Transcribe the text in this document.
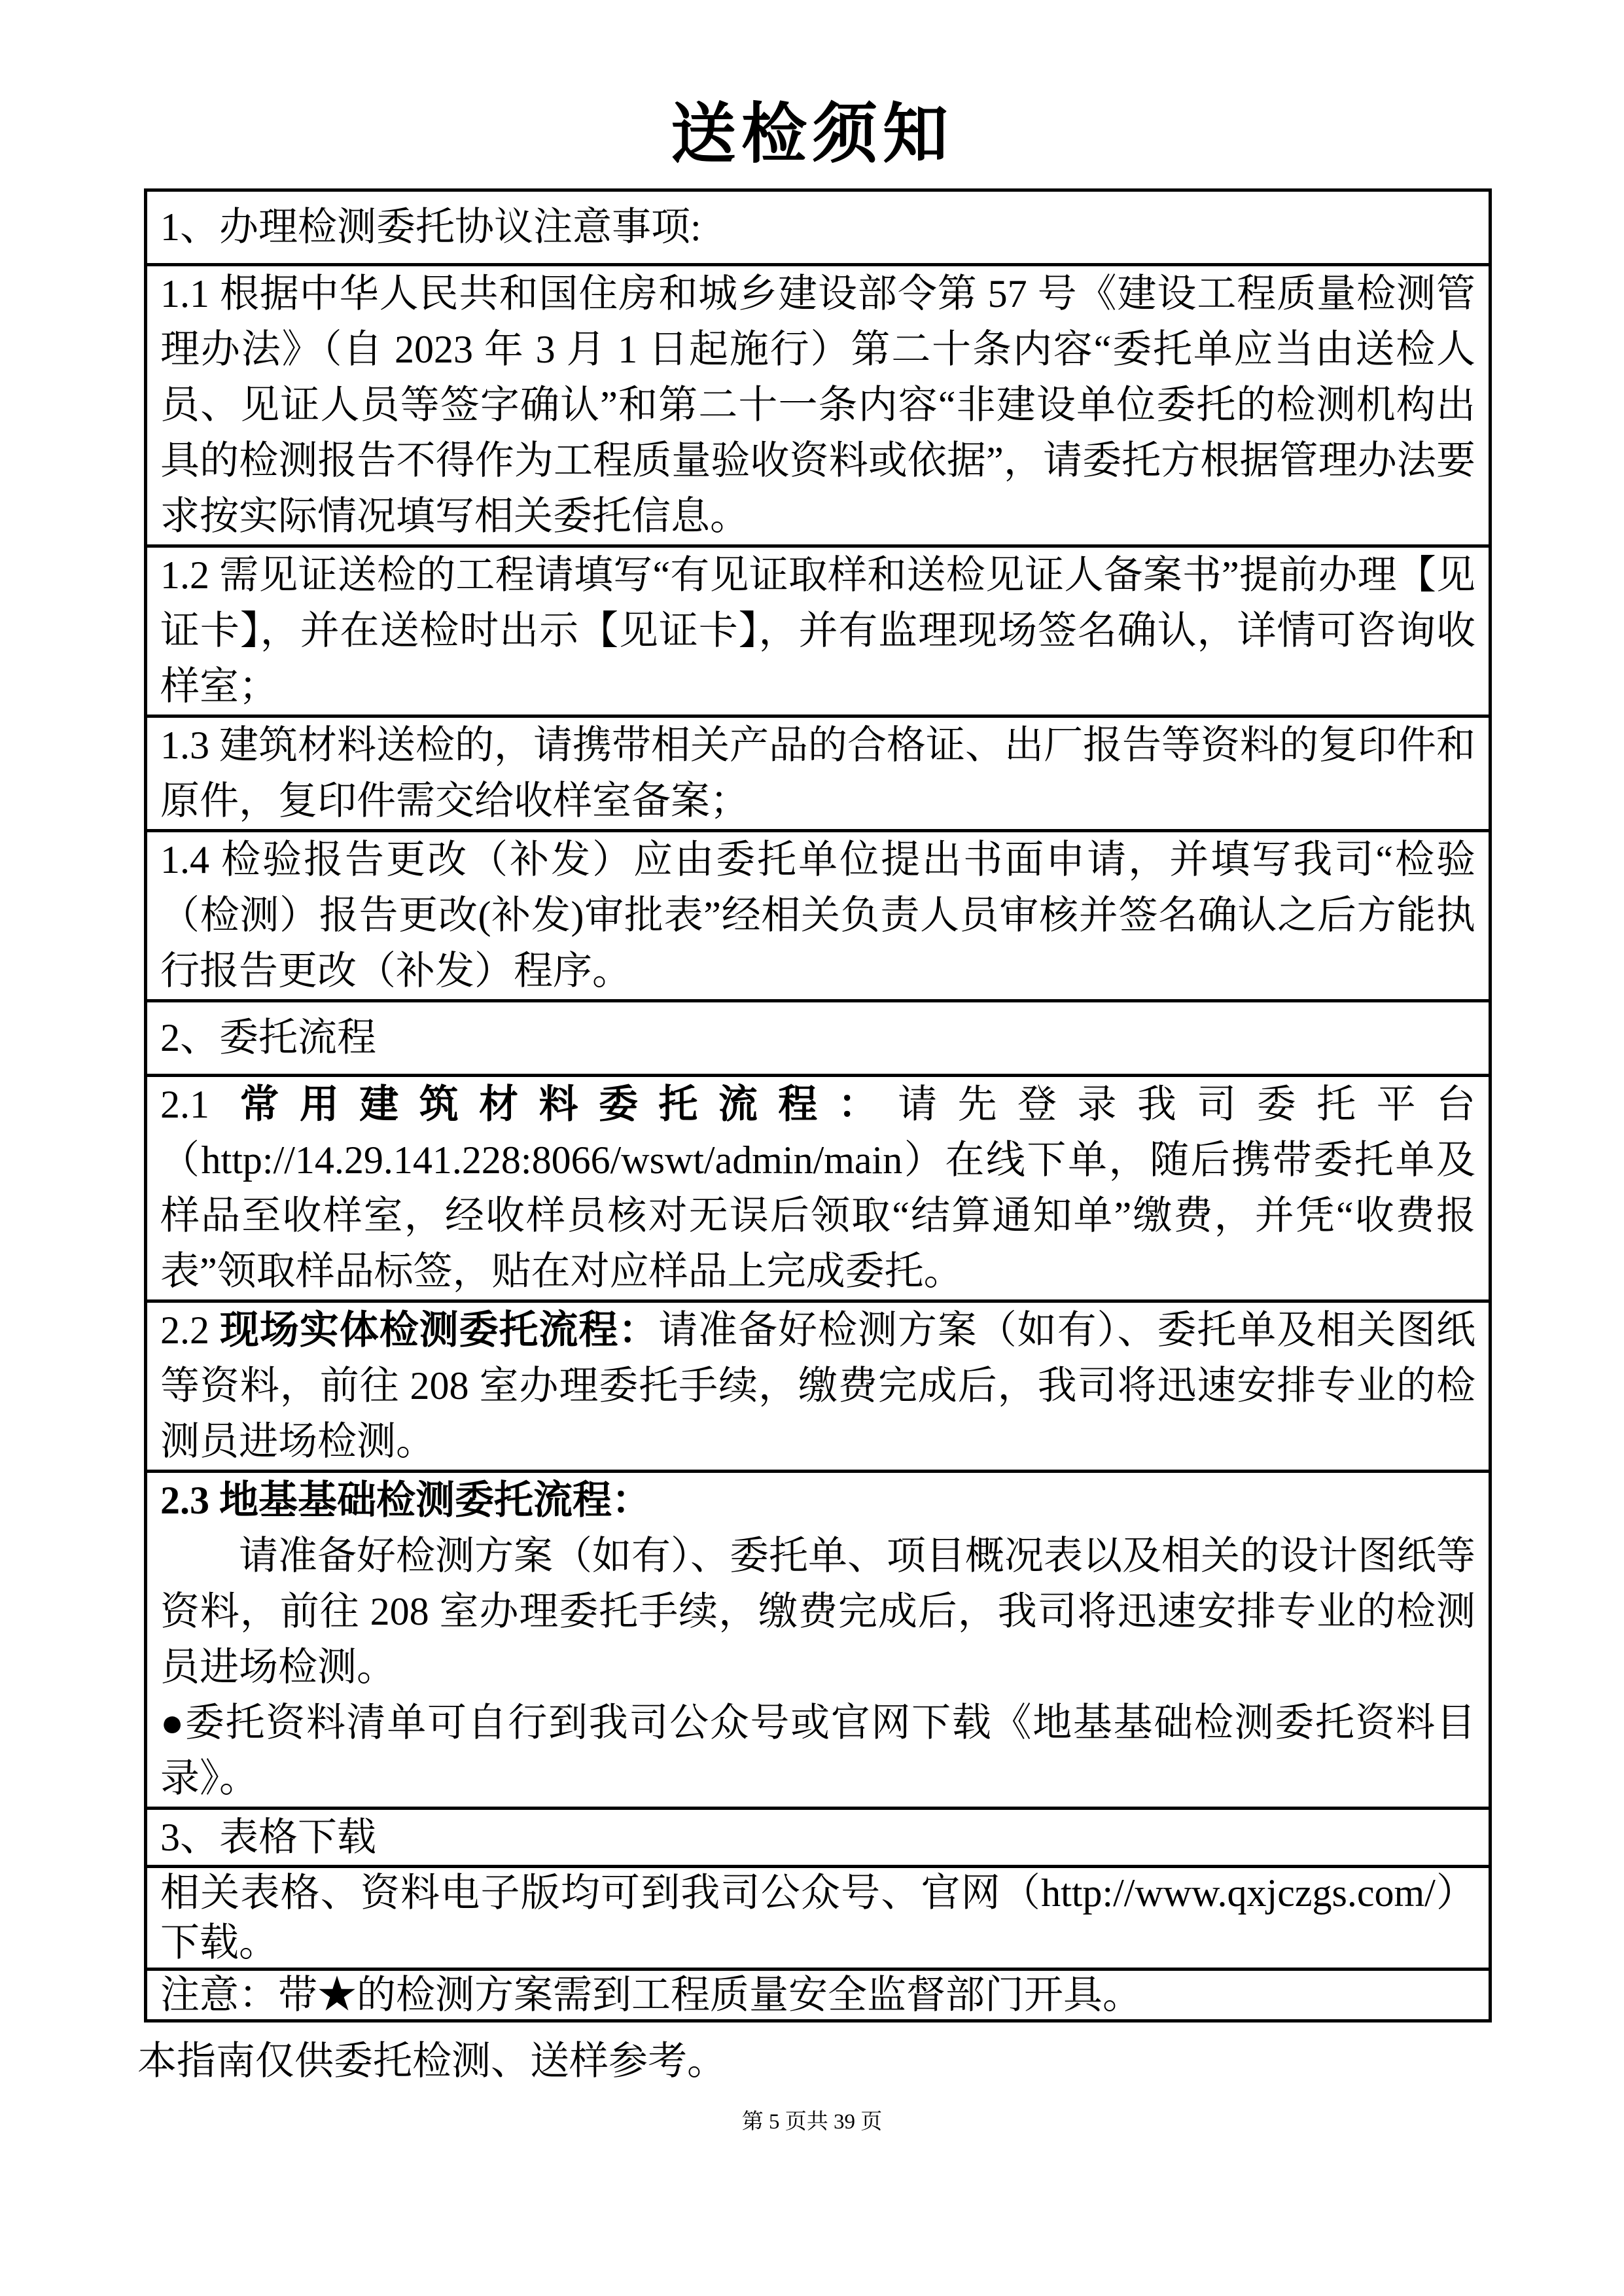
送检须知
1、办理检测委托协议注意事项:
1.1 根据中华人民共和国住房和城乡建设部令第 57 号《建设工程质量检测管理办法》（自 2023 年 3 月 1 日起施行）第二十条内容“委托单应当由送检人员、见证人员等签字确认”和第二十一条内容“非建设单位委托的检测机构出具的检测报告不得作为工程质量验收资料或依据”，请委托方根据管理办法要求按实际情况填写相关委托信息。
1.2 需见证送检的工程请填写“有见证取样和送检见证人备案书”提前办理【见证卡】，并在送检时出示【见证卡】，并有监理现场签名确认，详情可咨询收样室；
1.3 建筑材料送检的，请携带相关产品的合格证、出厂报告等资料的复印件和原件，复印件需交给收样室备案；
1.4 检验报告更改（补发）应由委托单位提出书面申请，并填写我司“检验（检测）报告更改(补发)审批表”经相关负责人员审核并签名确认之后方能执行报告更改（补发）程序。
2、委托流程
2.1 常用建筑材料委托流程：请先登录我司委托平台（http://14.29.141.228:8066/wswt/admin/main）在线下单，随后携带委托单及样品至收样室，经收样员核对无误后领取“结算通知单”缴费，并凭“收费报表”领取样品标签，贴在对应样品上完成委托。
2.2 现场实体检测委托流程：请准备好检测方案（如有）、委托单及相关图纸等资料，前往 208 室办理委托手续，缴费完成后，我司将迅速安排专业的检测员进场检测。
2.3 地基基础检测委托流程：
请准备好检测方案（如有）、委托单、项目概况表以及相关的设计图纸等资料，前往 208 室办理委托手续，缴费完成后，我司将迅速安排专业的检测员进场检测。
●委托资料清单可自行到我司公众号或官网下载《地基基础检测委托资料目录》。
3、表格下载
相关表格、资料电子版均可到我司公众号、官网（http://www.qxjczgs.com/）下载。
注意：带★的检测方案需到工程质量安全监督部门开具。
本指南仅供委托检测、送样参考。
第 5 页共 39 页
